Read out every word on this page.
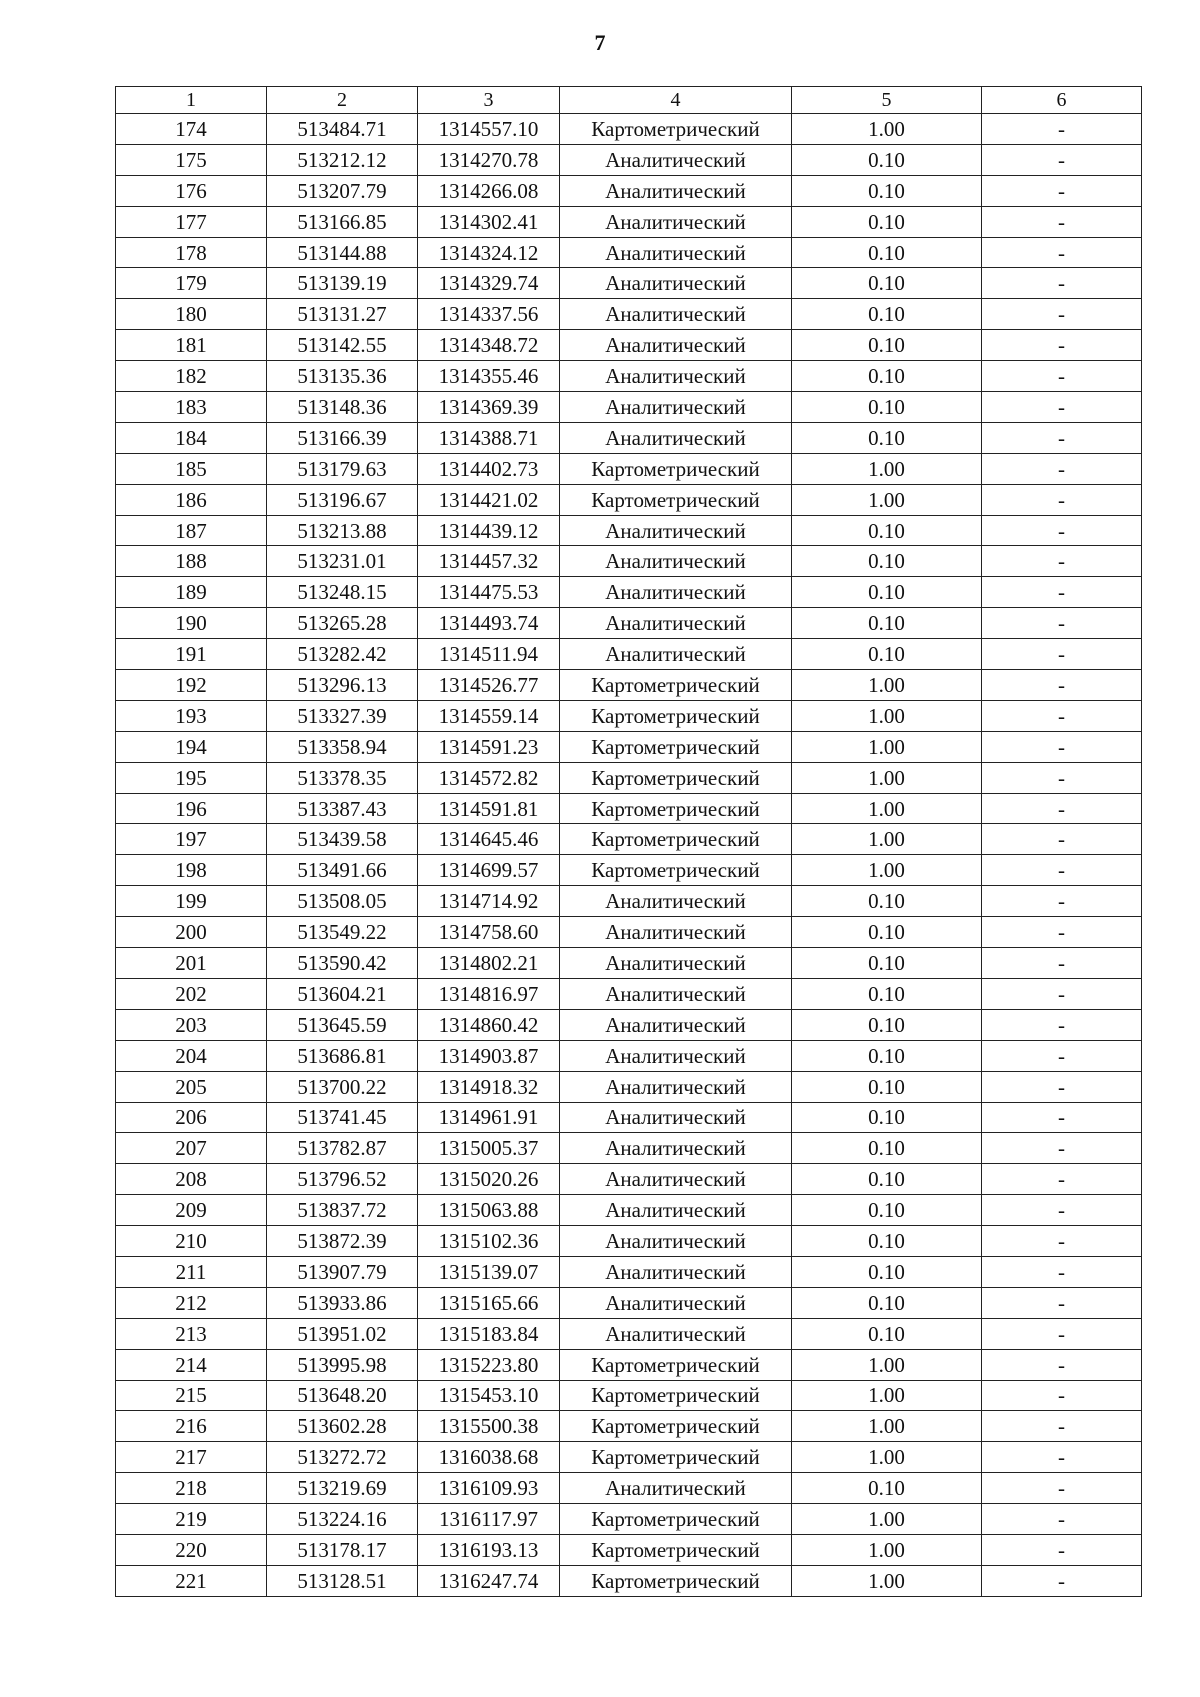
7
1	2	3	4	5	6
174	513484.71	1314557.10	Картометрический	1.00	-
175	513212.12	1314270.78	Аналитический	0.10	-
176	513207.79	1314266.08	Аналитический	0.10	-
177	513166.85	1314302.41	Аналитический	0.10	-
178	513144.88	1314324.12	Аналитический	0.10	-
179	513139.19	1314329.74	Аналитический	0.10	-
180	513131.27	1314337.56	Аналитический	0.10	-
181	513142.55	1314348.72	Аналитический	0.10	-
182	513135.36	1314355.46	Аналитический	0.10	-
183	513148.36	1314369.39	Аналитический	0.10	-
184	513166.39	1314388.71	Аналитический	0.10	-
185	513179.63	1314402.73	Картометрический	1.00	-
186	513196.67	1314421.02	Картометрический	1.00	-
187	513213.88	1314439.12	Аналитический	0.10	-
188	513231.01	1314457.32	Аналитический	0.10	-
189	513248.15	1314475.53	Аналитический	0.10	-
190	513265.28	1314493.74	Аналитический	0.10	-
191	513282.42	1314511.94	Аналитический	0.10	-
192	513296.13	1314526.77	Картометрический	1.00	-
193	513327.39	1314559.14	Картометрический	1.00	-
194	513358.94	1314591.23	Картометрический	1.00	-
195	513378.35	1314572.82	Картометрический	1.00	-
196	513387.43	1314591.81	Картометрический	1.00	-
197	513439.58	1314645.46	Картометрический	1.00	-
198	513491.66	1314699.57	Картометрический	1.00	-
199	513508.05	1314714.92	Аналитический	0.10	-
200	513549.22	1314758.60	Аналитический	0.10	-
201	513590.42	1314802.21	Аналитический	0.10	-
202	513604.21	1314816.97	Аналитический	0.10	-
203	513645.59	1314860.42	Аналитический	0.10	-
204	513686.81	1314903.87	Аналитический	0.10	-
205	513700.22	1314918.32	Аналитический	0.10	-
206	513741.45	1314961.91	Аналитический	0.10	-
207	513782.87	1315005.37	Аналитический	0.10	-
208	513796.52	1315020.26	Аналитический	0.10	-
209	513837.72	1315063.88	Аналитический	0.10	-
210	513872.39	1315102.36	Аналитический	0.10	-
211	513907.79	1315139.07	Аналитический	0.10	-
212	513933.86	1315165.66	Аналитический	0.10	-
213	513951.02	1315183.84	Аналитический	0.10	-
214	513995.98	1315223.80	Картометрический	1.00	-
215	513648.20	1315453.10	Картометрический	1.00	-
216	513602.28	1315500.38	Картометрический	1.00	-
217	513272.72	1316038.68	Картометрический	1.00	-
218	513219.69	1316109.93	Аналитический	0.10	-
219	513224.16	1316117.97	Картометрический	1.00	-
220	513178.17	1316193.13	Картометрический	1.00	-
221	513128.51	1316247.74	Картометрический	1.00	-
